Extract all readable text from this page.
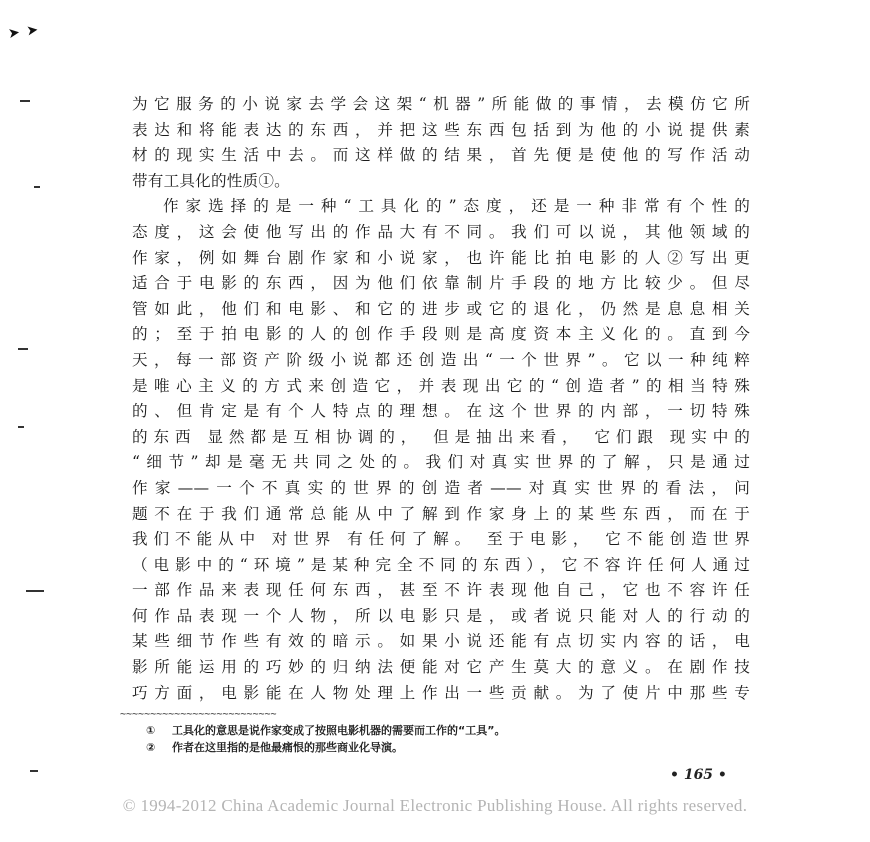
➤ ➤
为它服务的小说家去学会这架“机器”所能做的事情，去模仿它所
表达和将能表达的东西，并把这些东西包括到为他的小说提供素
材的现实生活中去。而这样做的结果，首先便是使他的写作活动
带有工具化的性质①。
作家选择的是一种“工具化的”态度，还是一种非常有个性的
态度，这会使他写出的作品大有不同。我们可以说，其他领域的
作家，例如舞台剧作家和小说家，也许能比拍电影的人②写出更
适合于电影的东西，因为他们依靠制片手段的地方比较少。但尽
管如此，他们和电影、和它的进步或它的退化，仍然是息息相关
的；至于拍电影的人的创作手段则是高度资本主义化的。直到今
天，每一部资产阶级小说都还创造出“一个世界”。它以一种纯粹
是唯心主义的方式来创造它，并表现出它的“创造者”的相当特殊
的、但肯定是有个人特点的理想。在这个世界的内部，一切特殊
的东西 显然都是互相协调的， 但是抽出来看， 它们跟 现实中的
“细节”却是毫无共同之处的。我们对真实世界的了解，只是通过
作家——一个不真实的世界的创造者——对真实世界的看法，问
题不在于我们通常总能从中了解到作家身上的某些东西，而在于
我们不能从中 对世界 有任何了解。 至于电影， 它不能创造世界
（电影中的“环境”是某种完全不同的东西），它不容许任何人通过
一部作品来表现任何东西，甚至不许表现他自己，它也不容许任
何作品表现一个人物，所以电影只是，或者说只能对人的行动的
某些细节作些有效的暗示。如果小说还能有点切实内容的话，电
影所能运用的巧妙的归纳法便能对它产生莫大的意义。在剧作技
巧方面，电影能在人物处理上作出一些贡献。为了使片中那些专
~~~~~~~~~~~~~~~~~~~~~~~~~~
① 工具化的意思是说作家变成了按照电影机器的需要而工作的“工具”。
② 作者在这里指的是他最痛恨的那些商业化导演。
• 165 •
© 1994-2012 China Academic Journal Electronic Publishing House. All rights reserved.
